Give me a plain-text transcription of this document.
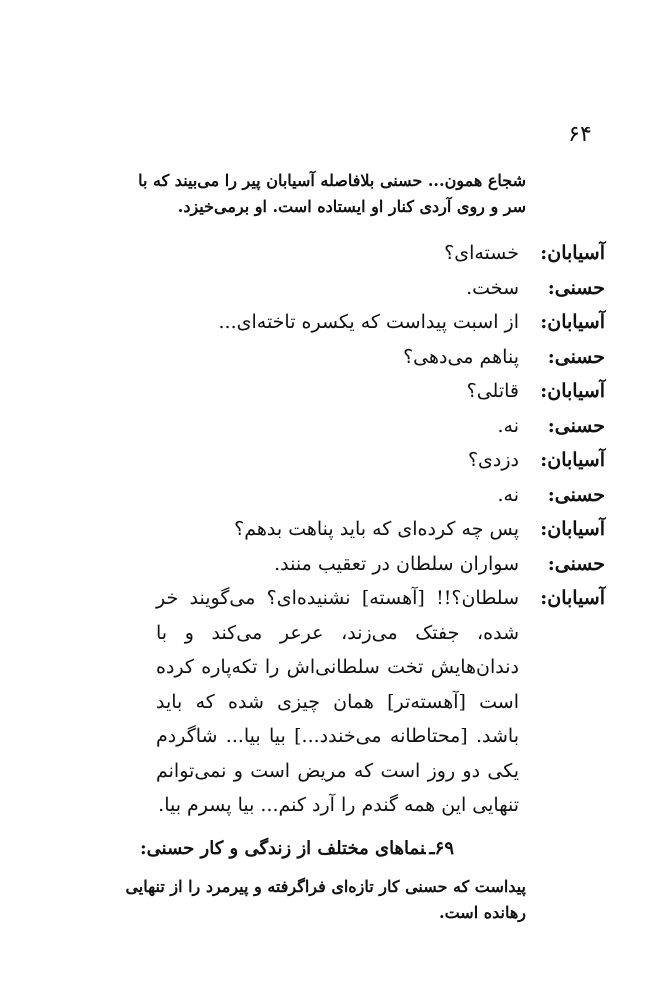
۶۴
شجاع همون... حسنی بلافاصله آسیابان پیر را می‌بیند که با سر و روی آردی کنار او ایستاده است. او برمی‌خیزد.
آسیابان:
خسته‌ای؟
حسنی:
سخت.
آسیابان:
از اسبت پیداست که یکسره تاخته‌ای...
حسنی:
پناهم می‌دهی؟
آسیابان:
قاتلی؟
حسنی:
نه.
آسیابان:
دزدی؟
حسنی:
نه.
آسیابان:
پس چه کرده‌ای که باید پناهت بدهم؟
حسنی:
سواران سلطان در تعقیب منند.
آسیابان:
سلطان؟!! [آهسته] نشنیده‌ای؟ می‌گویند خر شده، جفتک می‌زند، عرعر می‌کند و با دندان‌هایش تخت سلطانی‌اش را تکه‌پاره کرده است [آهسته‌تر] همان چیزی شده که باید باشد. [محتاطانه می‌خندد...] بیا بیا... شاگردم یکی دو روز است که مریض است و نمی‌توانم تنهایی این همه گندم را آرد کنم... بیا پسرم بیا.
۶۹ـنماهای مختلف از زندگی و کار حسنی:
پیداست که حسنی کار تازه‌ای فراگرفته و پیرمرد را از تنهایی رهانده است.
